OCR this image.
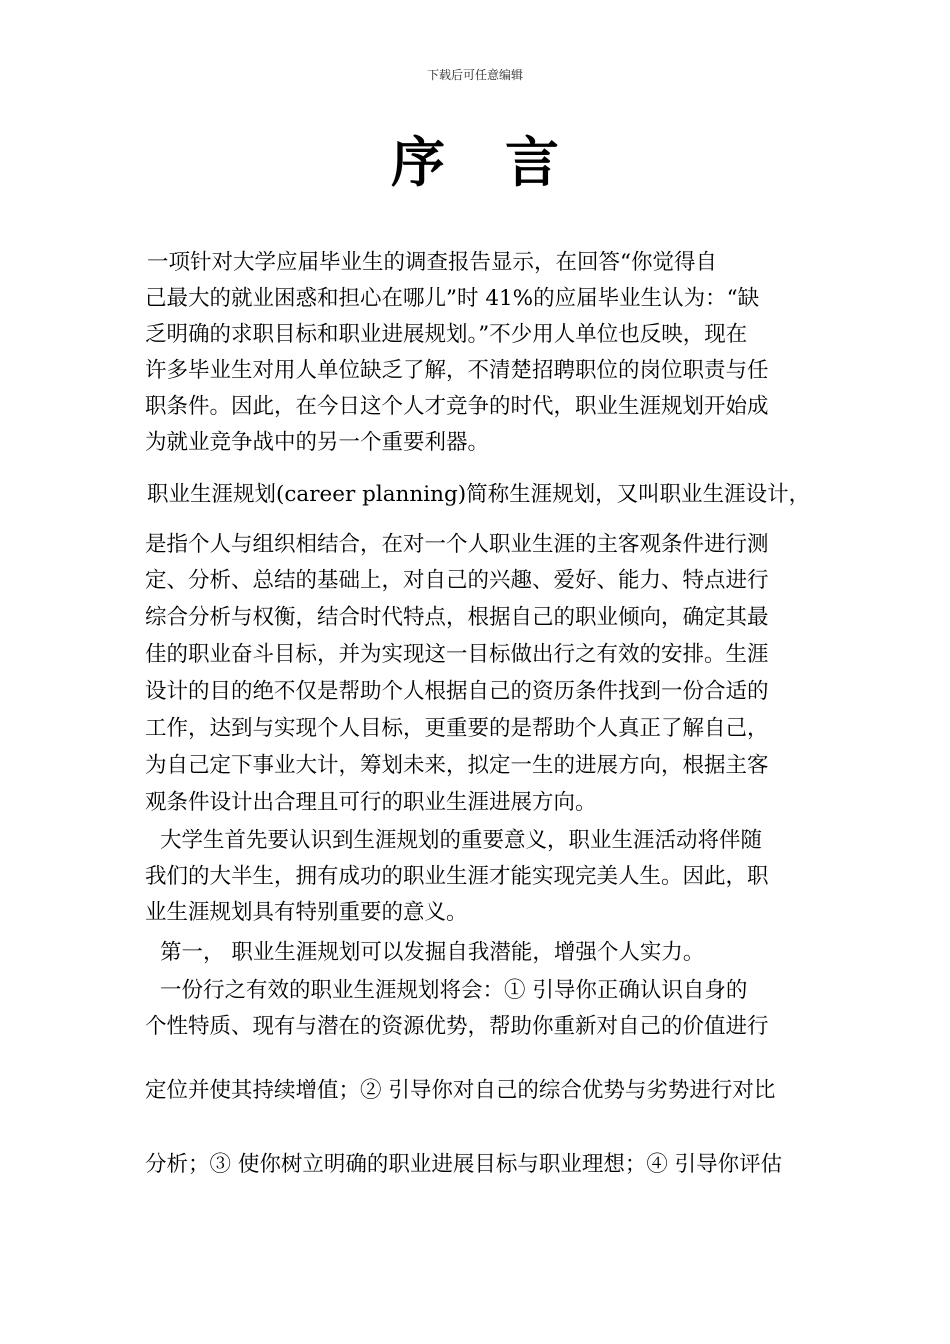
下载后可任意编辑
序言
一项针对大学应届毕业生的调查报告显示，在回答“你觉得自
己最大的就业困惑和担心在哪儿”时 41%的应届毕业生认为：“缺
乏明确的求职目标和职业进展规划。”不少用人单位也反映，现在
许多毕业生对用人单位缺乏了解，不清楚招聘职位的岗位职责与任
职条件。因此，在今日这个人才竞争的时代，职业生涯规划开始成
为就业竞争战中的另一个重要利器。
职业生涯规划(career planning)简称生涯规划，又叫职业生涯设计，
是指个人与组织相结合，在对一个人职业生涯的主客观条件进行测
定、分析、总结的基础上，对自己的兴趣、爱好、能力、特点进行
综合分析与权衡，结合时代特点，根据自己的职业倾向，确定其最
佳的职业奋斗目标，并为实现这一目标做出行之有效的安排。生涯
设计的目的绝不仅是帮助个人根据自己的资历条件找到一份合适的
工作，达到与实现个人目标，更重要的是帮助个人真正了解自己，
为自己定下事业大计，筹划未来，拟定一生的进展方向，根据主客
观条件设计出合理且可行的职业生涯进展方向。
大学生首先要认识到生涯规划的重要意义，职业生涯活动将伴随
我们的大半生，拥有成功的职业生涯才能实现完美人生。因此，职
业生涯规划具有特别重要的意义。
第一， 职业生涯规划可以发掘自我潜能，增强个人实力。
一份行之有效的职业生涯规划将会：① 引导你正确认识自身的
个性特质、现有与潜在的资源优势，帮助你重新对自己的价值进行
定位并使其持续增值；② 引导你对自己的综合优势与劣势进行对比
分析；③ 使你树立明确的职业进展目标与职业理想；④ 引导你评估
